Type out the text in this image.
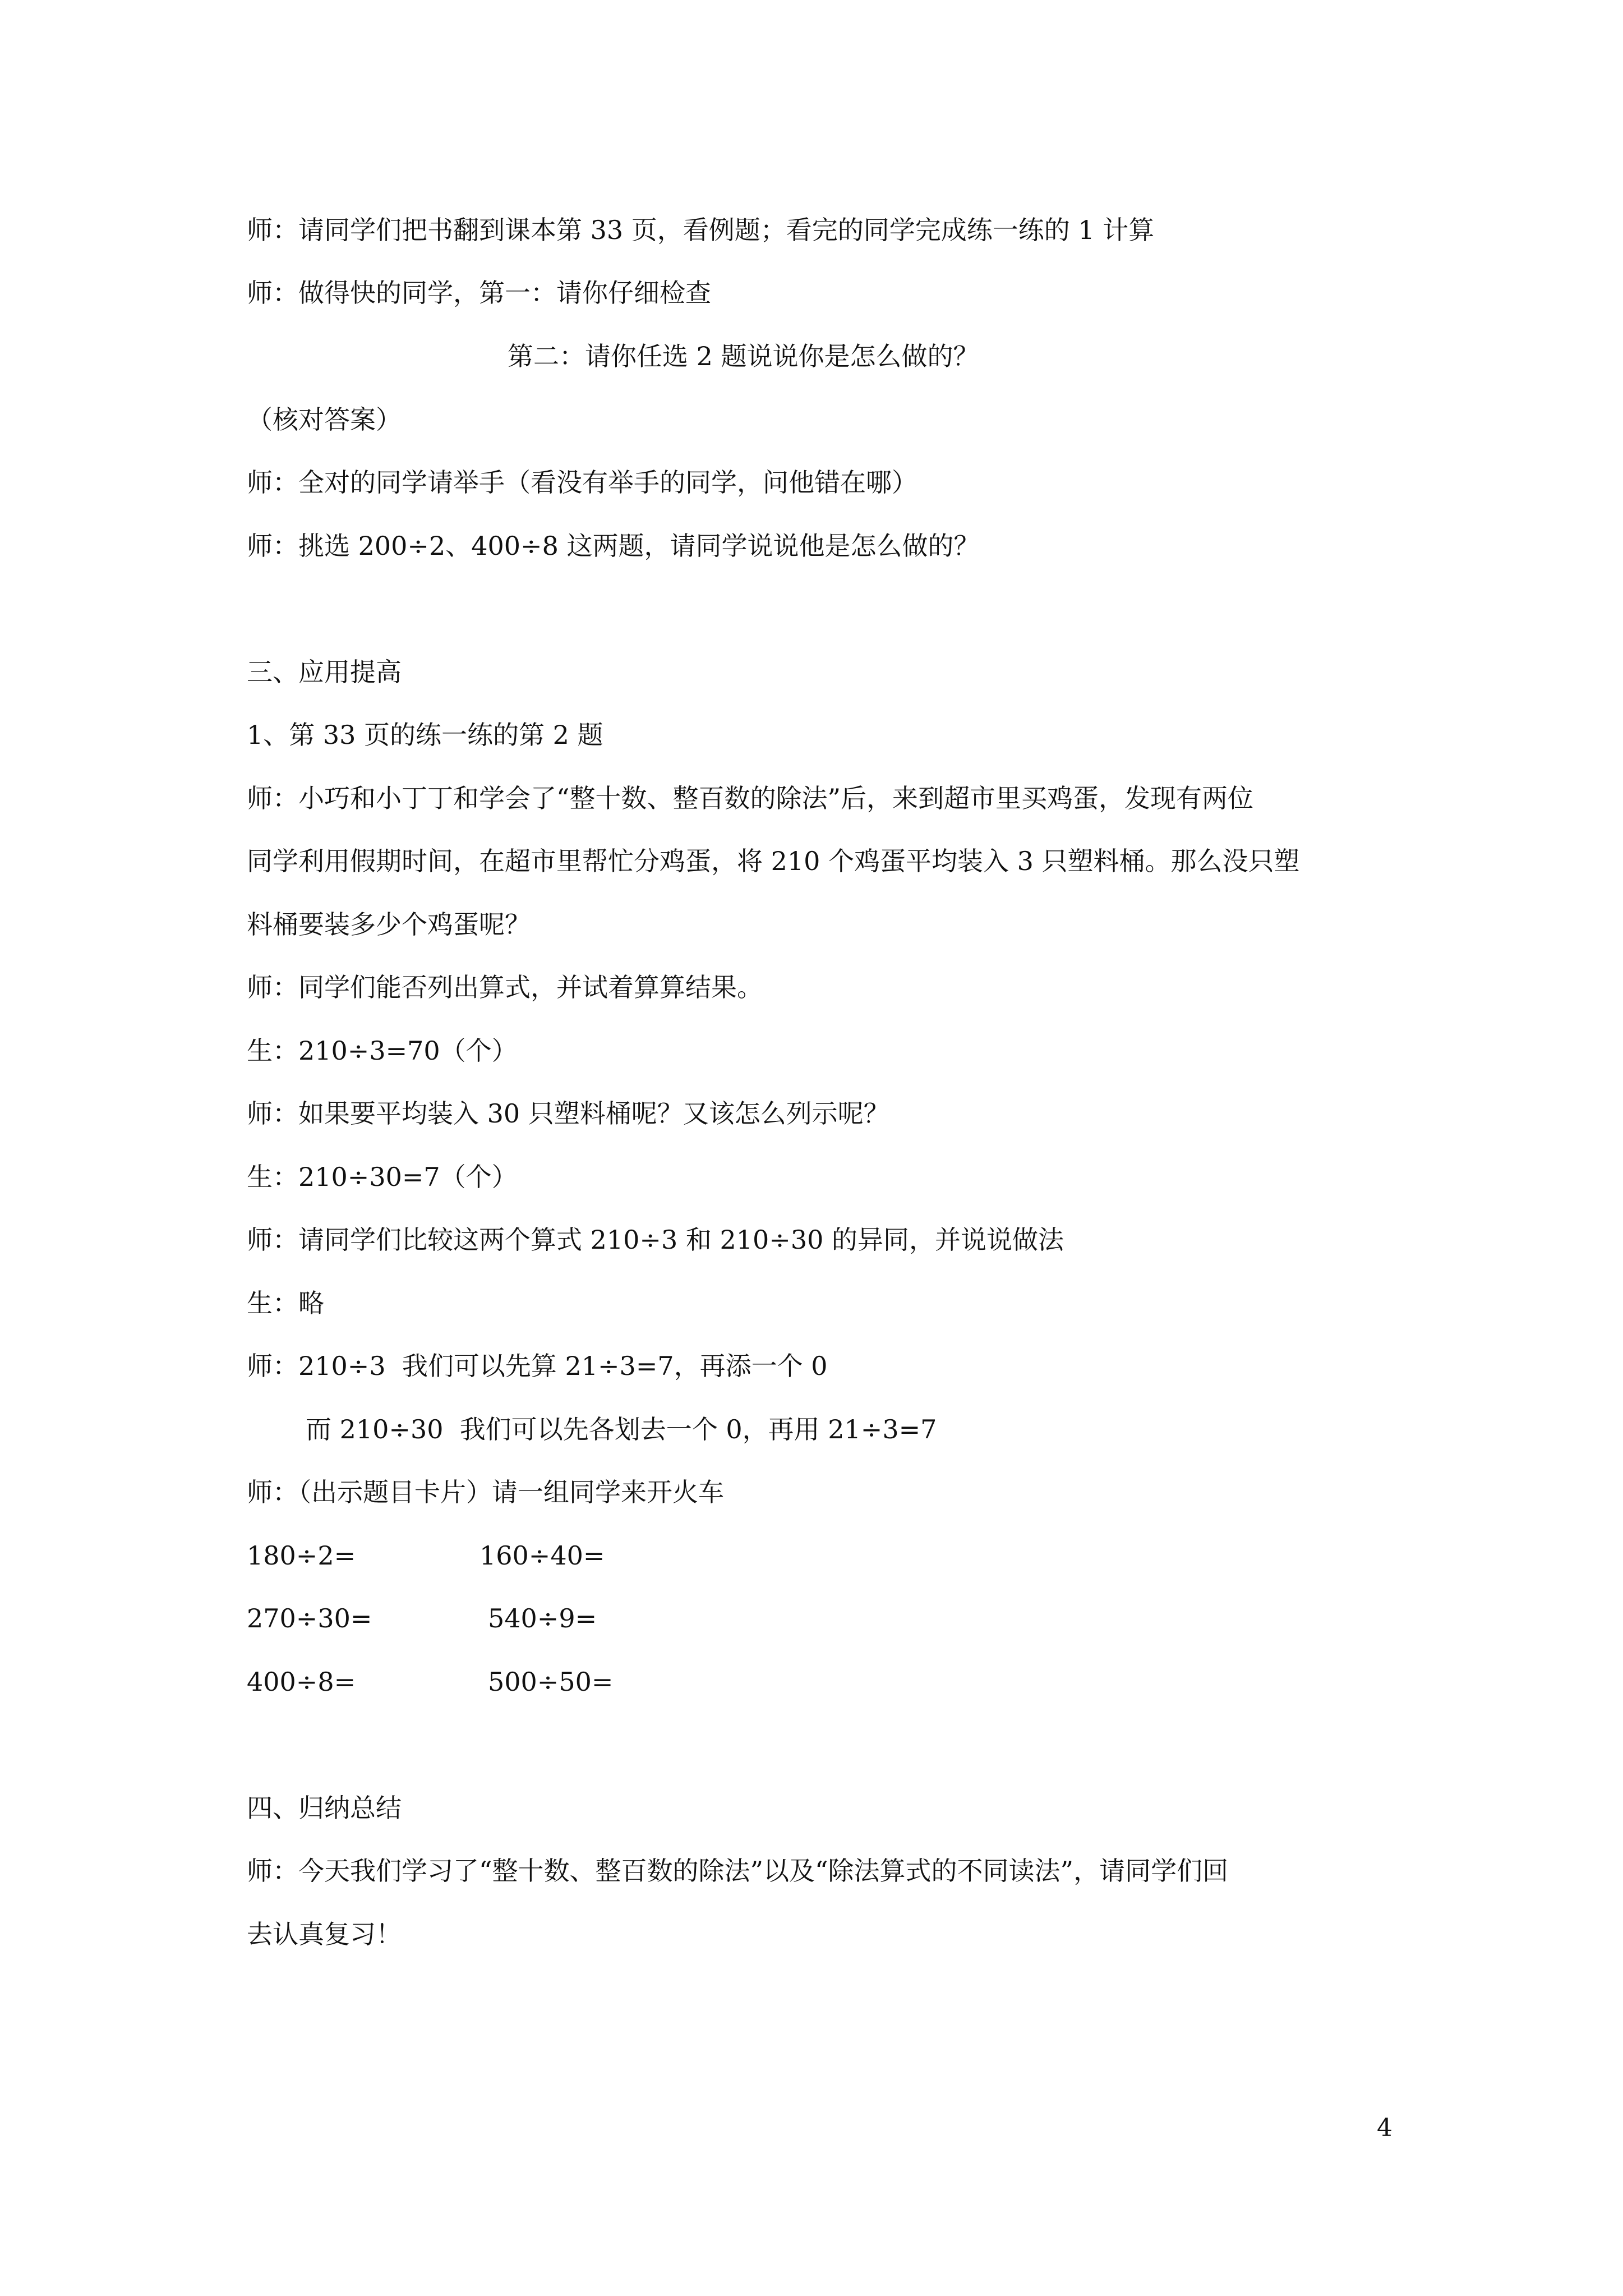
师：请同学们把书翻到课本第 33 页，看例题；看完的同学完成练一练的 1 计算
师：做得快的同学，第一：请你仔细检查
第二：请你任选 2 题说说你是怎么做的？
（核对答案）
师：全对的同学请举手（看没有举手的同学，问他错在哪）
师：挑选 200÷2、400÷8 这两题，请同学说说他是怎么做的？
三、应用提高
1、第 33 页的练一练的第 2 题
师：小巧和小丁丁和学会了“整十数、整百数的除法”后，来到超市里买鸡蛋，发现有两位
同学利用假期时间，在超市里帮忙分鸡蛋，将 210 个鸡蛋平均装入 3 只塑料桶。那么没只塑
料桶要装多少个鸡蛋呢？
师：同学们能否列出算式，并试着算算结果。
生：210÷3=70（个）
师：如果要平均装入 30 只塑料桶呢？又该怎么列示呢？
生：210÷30=7（个）
师：请同学们比较这两个算式 210÷3 和 210÷30 的异同，并说说做法
生：略
师：210÷3  我们可以先算 21÷3=7，再添一个 0
而 210÷30  我们可以先各划去一个 0，再用 21÷3=7
师：（出示题目卡片）请一组同学来开火车
180÷2=	160÷40=
270÷30=	540÷9=
400÷8=	500÷50=
四、归纳总结
师：今天我们学习了“整十数、整百数的除法”以及“除法算式的不同读法”，请同学们回
去认真复习！
4
